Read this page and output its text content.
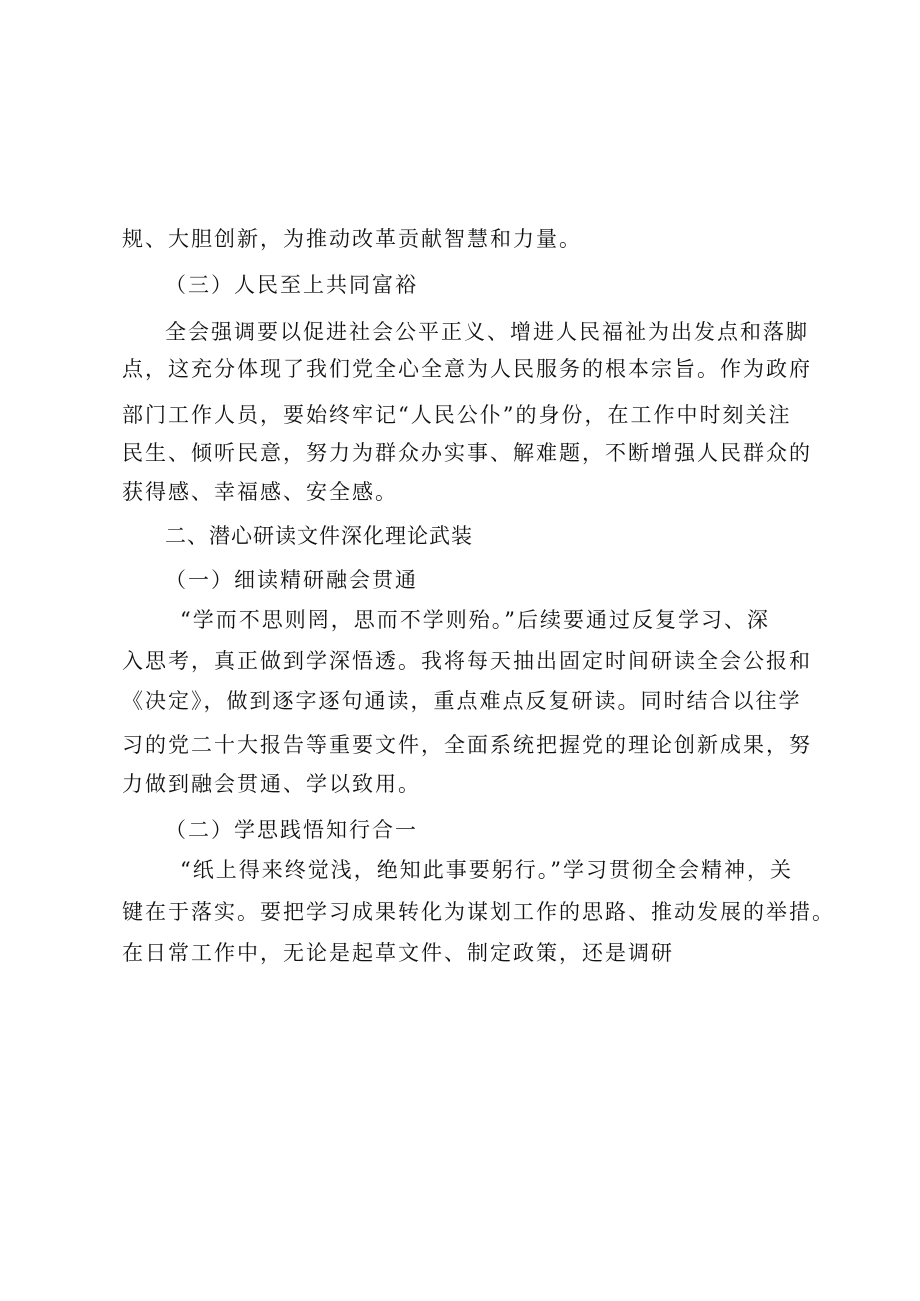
规、大胆创新，为推动改革贡献智慧和力量。
（三）人民至上共同富裕
全会强调要以促进社会公平正义、增进人民福祉为出发点和落脚
点，这充分体现了我们党全心全意为人民服务的根本宗旨。作为政府
部门工作人员，要始终牢记“人民公仆”的身份，在工作中时刻关注
民生、倾听民意，努力为群众办实事、解难题，不断增强人民群众的
获得感、幸福感、安全感。
二、潜心研读文件深化理论武装
（一）细读精研融会贯通
“学而不思则罔，思而不学则殆。”后续要通过反复学习、深
入思考，真正做到学深悟透。我将每天抽出固定时间研读全会公报和
《决定》，做到逐字逐句通读，重点难点反复研读。同时结合以往学
习的党二十大报告等重要文件，全面系统把握党的理论创新成果，努
力做到融会贯通、学以致用。
（二）学思践悟知行合一
“纸上得来终觉浅，绝知此事要躬行。”学习贯彻全会精神，关
键在于落实。要把学习成果转化为谋划工作的思路、推动发展的举措。
在日常工作中，无论是起草文件、制定政策，还是调研
